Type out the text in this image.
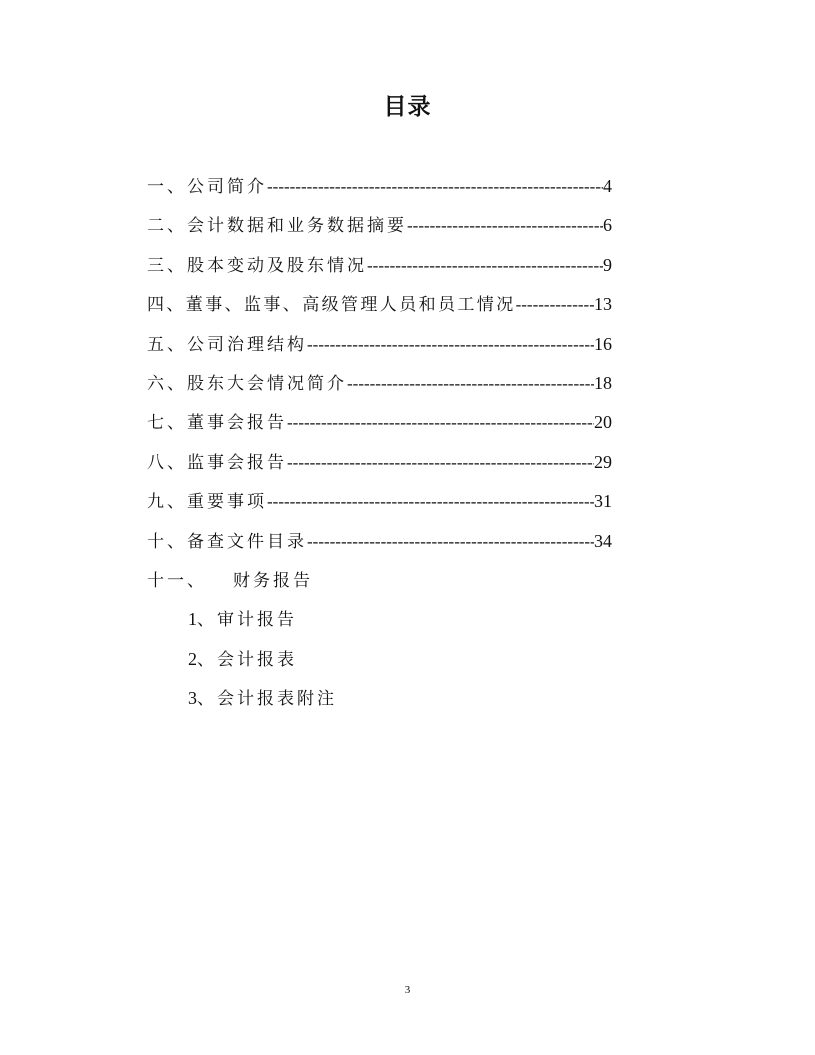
目录
一、公司简介 -----	4
二、会计数据和业务数据摘要 -----	6
三、股本变动及股东情况 -----	9
四、董事、监事、高级管理人员和员工情况 -----	13
五、公司治理结构 -----	16
六、股东大会情况简介 -----	18
七、董事会报告 -----	20
八、监事会报告 -----	29
九、重要事项 -----	31
十、备查文件目录 -----	34
十一、 财务报告
1、审计报告
2、会计报表
3、会计报表附注
3
